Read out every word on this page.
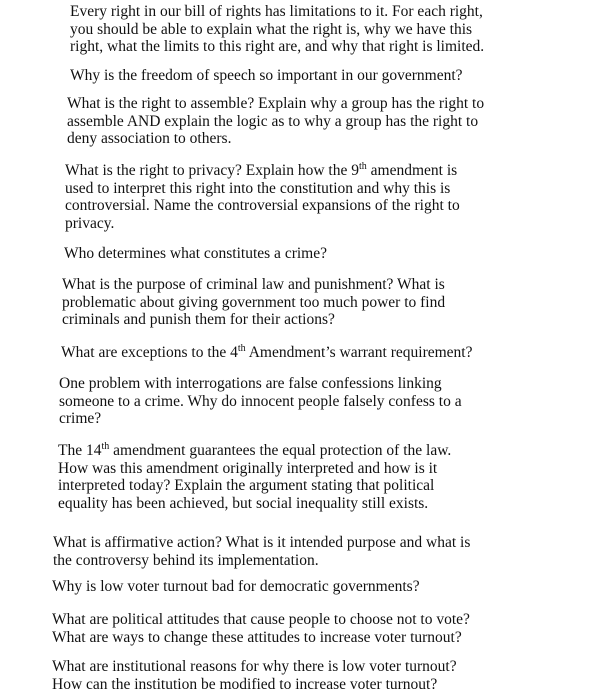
Every right in our bill of rights has limitations to it. For each right,
you should be able to explain what the right is, why we have this
right, what the limits to this right are, and why that right is limited.
Why is the freedom of speech so important in our government?
What is the right to assemble? Explain why a group has the right to
assemble AND explain the logic as to why a group has the right to
deny association to others.
What is the right to privacy? Explain how the 9th amendment is
used to interpret this right into the constitution and why this is
controversial. Name the controversial expansions of the right to
privacy.
Who determines what constitutes a crime?
What is the purpose of criminal law and punishment? What is
problematic about giving government too much power to find
criminals and punish them for their actions?
What are exceptions to the 4th Amendment’s warrant requirement?
One problem with interrogations are false confessions linking
someone to a crime. Why do innocent people falsely confess to a
crime?
The 14th amendment guarantees the equal protection of the law.
How was this amendment originally interpreted and how is it
interpreted today? Explain the argument stating that political
equality has been achieved, but social inequality still exists.
What is affirmative action? What is it intended purpose and what is
the controversy behind its implementation.
Why is low voter turnout bad for democratic governments?
What are political attitudes that cause people to choose not to vote?
What are ways to change these attitudes to increase voter turnout?
What are institutional reasons for why there is low voter turnout?
How can the institution be modified to increase voter turnout?
